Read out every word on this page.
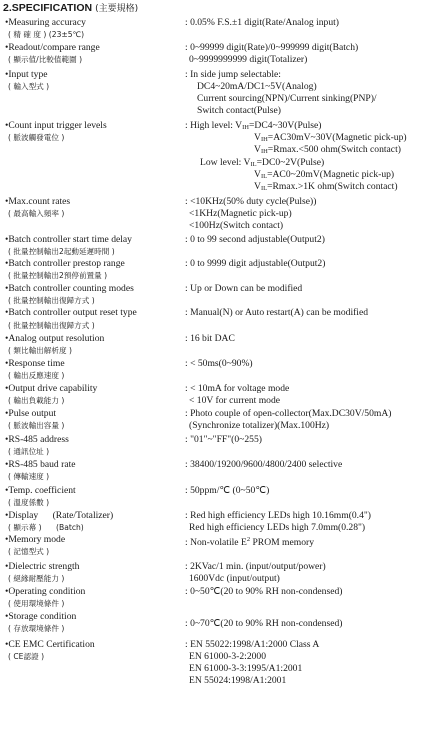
2.SPECIFICATION (主要規格)
•Measuring accuracy
( 精 確 度 ) (23±5℃)
: 0.05% F.S.±1 digit(Rate/Analog input)
•Readout/compare range
( 顯示值/比較值範圍 )
: 0~99999 digit(Rate)/0~999999 digit(Batch)
0~9999999999 digit(Totalizer)
•Input type
( 輸入型式 )
: In side jump selectable:
DC4~20mA/DC1~5V(Analog)
Current sourcing(NPN)/Current sinking(PNP)/
Switch contact(Pulse)
•Count input trigger levels
( 脈波觸發電位 )
: High level: $V_{IH}=DC4\sim 30V(Pulse)$
$V_{IH}=AC30mV\sim 30V(Magnetic$ pick-up)
$V_{IH}=Rmax.<500$ ohm(Switch contact)
Low level: $V_{IL}=DC0\sim 2V(Pulse)$
$V_{IL}=AC0\sim 20mV(Magnetic$ pick-up)
$V_{IL}=Rmax.>1K$ ohm(Switch contact)
•Max.count rates
( 最高輸入頻率 )
: <10KHz(50% duty cycle(Pulse))
<1KHz(Magnetic pick-up)
<100Hz(Switch contact)
•Batch controller start time delay
( 批量控制輸出2起動延遲時間 )
: 0 to 99 second adjustable(Output2)
•Batch controller prestop range
( 批量控制輸出2預停前置量 )
: 0 to 9999 digit adjustable(Output2)
•Batch controller counting modes
( 批量控制輸出復歸方式 )
: Up or Down can be modified
•Batch controller output reset type
( 批量控制輸出復歸方式 )
: Manual(N) or Auto restart(A) can be modified
•Analog output resolution
( 類比輸出解析度 )
: 16 bit DAC
•Response time
( 輸出反應速度 )
: < 50ms(0~90%)
•Output drive capability
( 輸出負載能力 )
: < 10mA for voltage mode
< 10V for current mode
•Pulse output
( 脈波輸出容量 )
: Photo couple of open-collector(Max.DC30V/50mA)
(Synchronize totalizer)(Max.100Hz)
•RS-485 address
( 通訊位址 )
: "01"~"FF"(0~255)
•RS-485 baud rate
( 傳輸速度 )
: 38400/19200/9600/4800/2400 selective
•Temp. coefficient
( 溫度係數 )
: 50ppm/℃ (0~50℃)
•Display      (Rate/Totalizer)
( 顯示幕 )      (Batch)
: Red high efficiency LEDs high 10.16mm(0.4")
Red high efficiency LEDs high 7.0mm(0.28")
•Memory mode
( 記憶型式 )
: Non-volatile $E^2$ PROM memory
•Dielectric strength
( 絕緣耐壓能力 )
: 2KVac/1 min. (input/output/power)
1600Vdc (input/output)
•Operating condition
( 使用環境條件 )
: 0~50℃(20 to 90% RH non-condensed)
•Storage condition
( 存放環境條件 )	: 0~70℃(20 to 90% RH non-condensed)
•CE EMC Certification
( CE認證 )
: EN 55022:1998/A1:2000 Class A
EN 61000-3-2:2000
EN 61000-3-3:1995/A1:2001
EN 55024:1998/A1:2001
